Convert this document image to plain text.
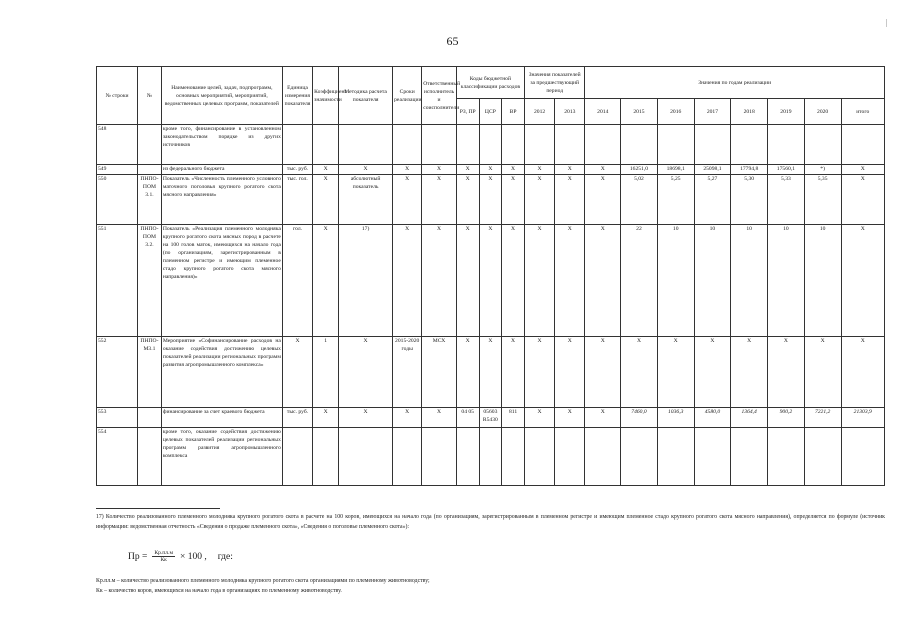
65
|
№ строки	№	Наименование целей, задач, подпрограмм, основных мероприятий, мероприятий, ведомственных целевых программ, показателей	Единица измерения показателя	Коэффициент значимости	Методика расчета показателя	Сроки реализации	Ответственный исполнитель и соисполнители	Коды бюджетной классификации расходов			Значения показателей за предшествующий период		Значения по годам реализации							
								РЗ, ПР	ЦСР	ВР	2012	2013	2014	2015	2016	2017	2018	2019	2020	итого
548		кроме того, финансирование в установленном законодательством порядке из других источников																		
549		из федерального бюджета	тыс. руб.	X	X	X	X	X	X	X	X	X	X	16251,0	18698,1	25098,1	17794,8	17560,1	*)	X
550	ПНПО-ПОМ 3.1.	Показатель «Численность племенного условного маточного поголовья крупного рогатого скота мясного направления»	тыс. гол.	X	абсолютный показатель	X	X	X	X	X	X	X	X	5,02	5,25	5,27	5,30	5,33	5,35	X
551	ПНПО-ПОМ 3.2.	Показатель «Реализация племенного молодняка крупного рогатого скота мясных пород в расчете на 100 голов маток, имеющихся на начало года (по организациям, зарегистрированным в племенном регистре и имеющим племенное стадо крупного рогатого скота мясного направления)»	гол.	X	17)	X	X	X	X	X	X	X	X	22	10	10	10	10	10	X
552	ПНПО-М3.1	Мероприятие «Софинансирование расходов на оказание содействия достижению целевых показателей реализации региональных программ развития агропромышленного комплекса»	X	1	X	2015-2020 годы	МСХ	X	X	X	X	X	X	X	X	X	X	X	X	X
553		финансирование за счет краевого бюджета	тыс. руб.	X	X	X	X	04 05	05603 R5430	811	X	X	X	7460,0	1036,3	4580,0	1364,4	900,2	7221,2	21303,9
554		кроме того, оказание содействия достижению целевых показателей реализации региональных программ развития агропромышленного комплекса																		
17) Количество реализованного племенного молодняка крупного рогатого скота в расчете на 100 коров, имеющихся на начало года (по организациям, зарегистрированным в племенном регистре и имеющим племенное стадо крупного рогатого скота мясного направления), определяется по формуле (источник информации: ведомственная отчетность «Сведения о продаже племенного скота», «Сведения о поголовье племенного скота»):
Пр = $\frac{Кр.пл.м}{Кк} \times 100$ , где:
Кр.пл.м – количество реализованного племенного молодняка крупного рогатого скота организациями по племенному животноводству;
Кк – количество коров, имеющихся на начало года в организациях по племенному животноводству.
